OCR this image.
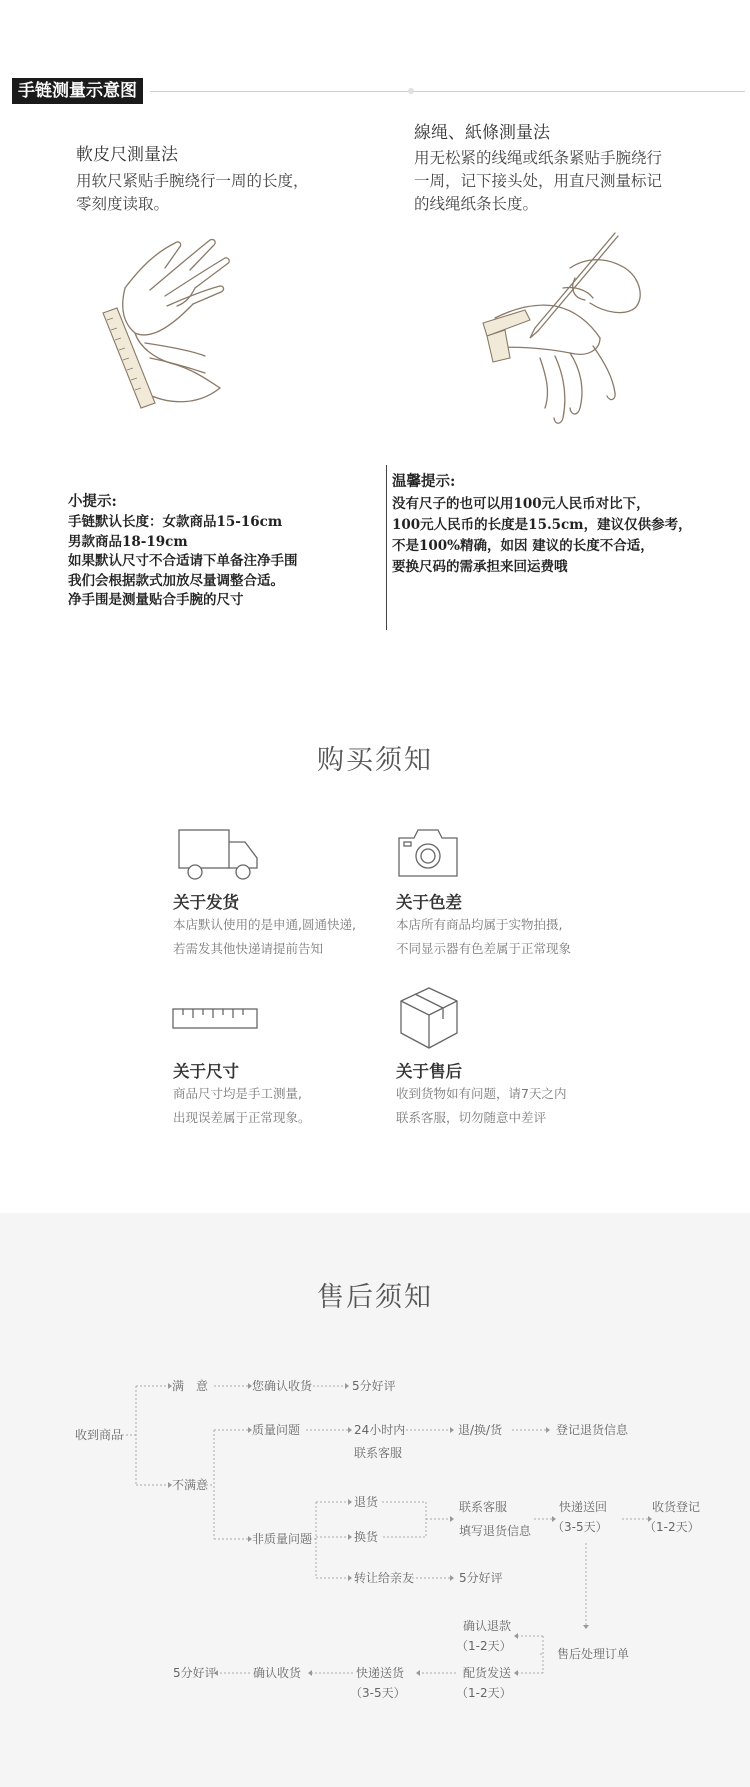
手链测量示意图
軟皮尺測量法
用软尺紧贴手腕绕行一周的长度，
零刻度读取。
線绳、紙條測量法
用无松紧的线绳或纸条紧贴手腕绕行
一周，记下接头处，用直尺测量标记
的线绳纸条长度。
小提示:
手链默认长度：女款商品15-16cm
男款商品18-19cm
如果默认尺寸不合适请下单备注净手围
我们会根据款式加放尽量调整合适。
净手围是测量贴合手腕的尺寸
温馨提示:
没有尺子的也可以用100元人民币对比下，
100元人民币的长度是15.5cm，建议仅供参考，
不是100%精确，如因 建议的长度不合适，
要换尺码的需承担来回运费哦
购买须知
关于发货
本店默认使用的是申通,圆通快递,
若需发其他快递请提前告知
关于色差
本店所有商品均属于实物拍摄,
不同显示器有色差属于正常现象
关于尺寸
商品尺寸均是手工测量,
出现误差属于正常现象。
关于售后
收到货物如有问题，请7天之内
联系客服，切勿随意中差评
售后须知
收到商品
满　意	您确认收货	5分好评
不满意
质量问题	24小时内
联系客服
退/换/货	登记退货信息
非质量问题
退货
换货
联系客服
填写退货信息
快递送回
（3-5天）
收货登记
（1-2天）
转让给亲友	5分好评
确认退款
（1-2天）
售后处理订单
配货发送
（1-2天）
快递送货
（3-5天）
确认收货
5分好评
